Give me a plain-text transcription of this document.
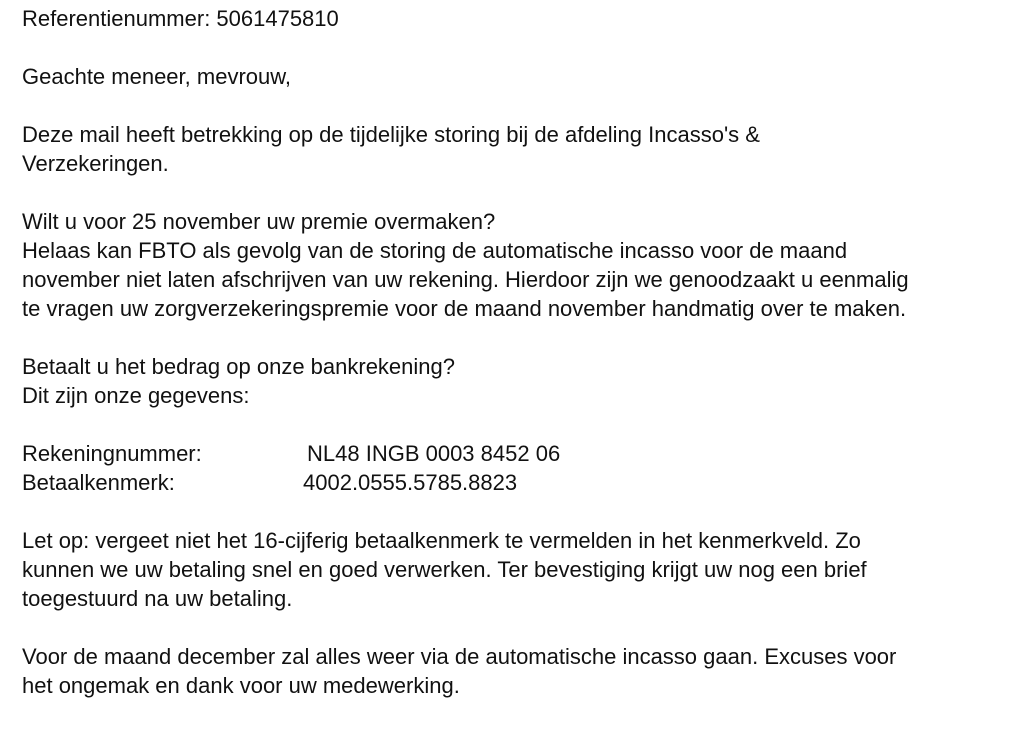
Referentienummer: 5061475810
Geachte meneer, mevrouw,
Deze mail heeft betrekking op de tijdelijke storing bij de afdeling Incasso's &
Verzekeringen.
Wilt u voor 25 november uw premie overmaken?
Helaas kan FBTO als gevolg van de storing de automatische incasso voor de maand
november niet laten afschrijven van uw rekening. Hierdoor zijn we genoodzaakt u eenmalig
te vragen uw zorgverzekeringspremie voor de maand november handmatig over te maken.
Betaalt u het bedrag op onze bankrekening?
Dit zijn onze gegevens:
Rekeningnummer:	NL48 INGB 0003 8452 06
Betaalkenmerk:	4002.0555.5785.8823
Let op: vergeet niet het 16-cijferig betaalkenmerk te vermelden in het kenmerkveld. Zo
kunnen we uw betaling snel en goed verwerken. Ter bevestiging krijgt uw nog een brief
toegestuurd na uw betaling.
Voor de maand december zal alles weer via de automatische incasso gaan. Excuses voor
het ongemak en dank voor uw medewerking.
